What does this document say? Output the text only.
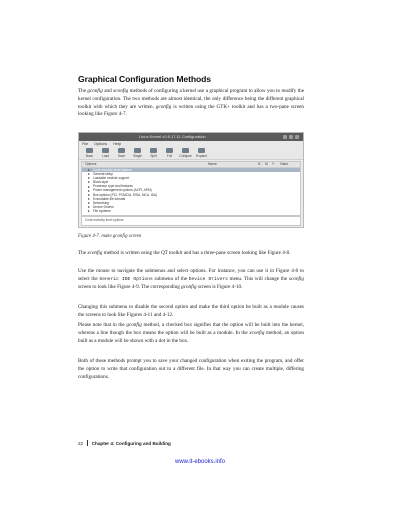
Graphical Configuration Methods

The gconfig and xconfig methods of configuring a kernel use a graphical program to allow you to modify the kernel configuration. The two methods are almost identical, the only difference being the different graphical toolkit with which they are written. gconfig is written using the GTK+ toolkit and has a two-pane screen looking like Figure 4-7.

Linux Kernel v2.6.17.11 Configuration
File Options Help
Back	Load	Save Single	Split	Full Collapse Expand
Options	Name	N M Y Value
Code maturity level options
General setup
Loadable module support
Block layer
Processor type and features
Power management options (ACPI, APM)
Bus options (PCI, PCMCIA, EISA, MCA, ISA)
Executable file formats
Networking
Device Drivers
File systems
Code maturity level options

Figure 4-7. make gconfig screen

The xconfig method is written using the QT toolkit and has a three-pane screen looking like Figure 4-8.

Use the mouse to navigate the submenus and select options. For instance, you can use it in Figure 4-8 to select the Generic IDE Options submenu of the Device Drivers menu. This will change the xconfig screen to look like Figure 4-9. The corresponding gconfig screen is Figure 4-10.

Changing this submenu to disable the second option and make the third option be built as a module causes the screens to look like Figures 4-11 and 4-12.

Please note that in the gconfig method, a checked box signifies that the option will be built into the kernel, whereas a line though the box means the option will be built as a module. In the xconfig method, an option built as a module will be shown with a dot in the box.

Both of these methods prompt you to save your changed configuration when exiting the program, and offer the option to write that configuration out to a different file. In that way you can create multiple, differing configurations.

22 Chapter 4: Configuring and Building

www.it-ebooks.info
